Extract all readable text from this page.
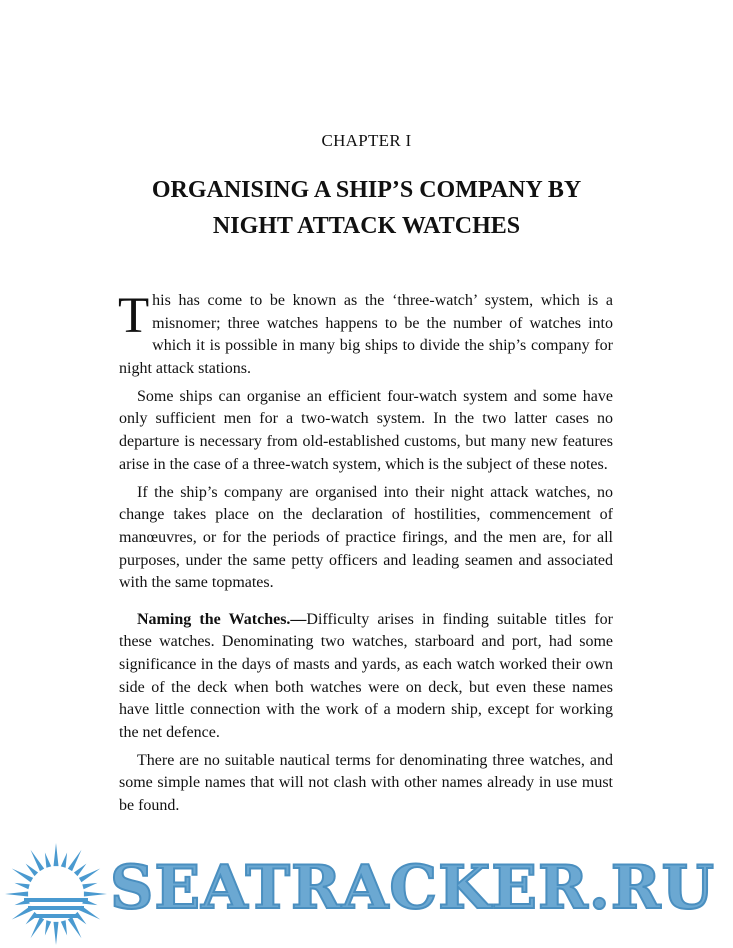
CHAPTER I
ORGANISING A SHIP’S COMPANY BY
NIGHT ATTACK WATCHES

This has come to be known as the ‘three-watch’ system, which is a misnomer; three watches happens to be the number of watches into which it is possible in many big ships to divide the ship’s company for night attack stations.

Some ships can organise an efficient four-watch system and some have only sufficient men for a two-watch system. In the two latter cases no departure is necessary from old-established customs, but many new features arise in the case of a three-watch system, which is the subject of these notes.

If the ship’s company are organised into their night attack watches, no change takes place on the declaration of hostilities, commencement of manœuvres, or for the periods of practice firings, and the men are, for all purposes, under the same petty officers and leading seamen and associated with the same topmates.

Naming the Watches.—Difficulty arises in finding suitable titles for these watches. Denominating two watches, starboard and port, had some significance in the days of masts and yards, as each watch worked their own side of the deck when both watches were on deck, but even these names have little connection with the work of a modern ship, except for working the net defence.

There are no suitable nautical terms for denominating three watches, and some simple names that will not clash with other names already in use must be found.

SEATRACKER.RU
